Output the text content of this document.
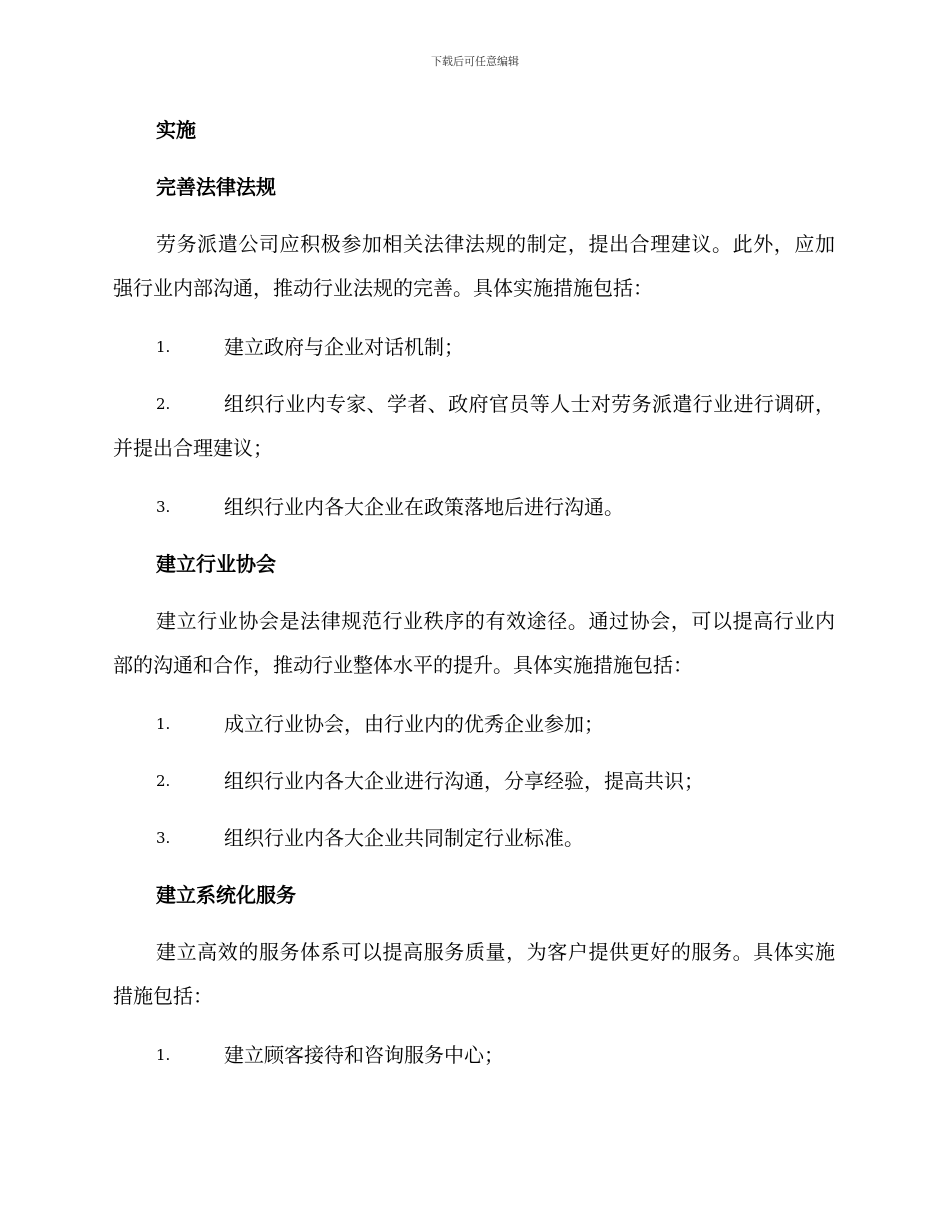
下载后可任意编辑
实施
完善法律法规
劳务派遣公司应积极参加相关法律法规的制定，提出合理建议。此外，应加强行业内部沟通，推动行业法规的完善。具体实施措施包括：
1.	建立政府与企业对话机制；
2.	组织行业内专家、学者、政府官员等人士对劳务派遣行业进行调研，并提出合理建议；
3.	组织行业内各大企业在政策落地后进行沟通。
建立行业协会
建立行业协会是法律规范行业秩序的有效途径。通过协会，可以提高行业内部的沟通和合作，推动行业整体水平的提升。具体实施措施包括：
1.	成立行业协会，由行业内的优秀企业参加；
2.	组织行业内各大企业进行沟通，分享经验，提高共识；
3.	组织行业内各大企业共同制定行业标准。
建立系统化服务
建立高效的服务体系可以提高服务质量，为客户提供更好的服务。具体实施措施包括：
1.	建立顾客接待和咨询服务中心；
